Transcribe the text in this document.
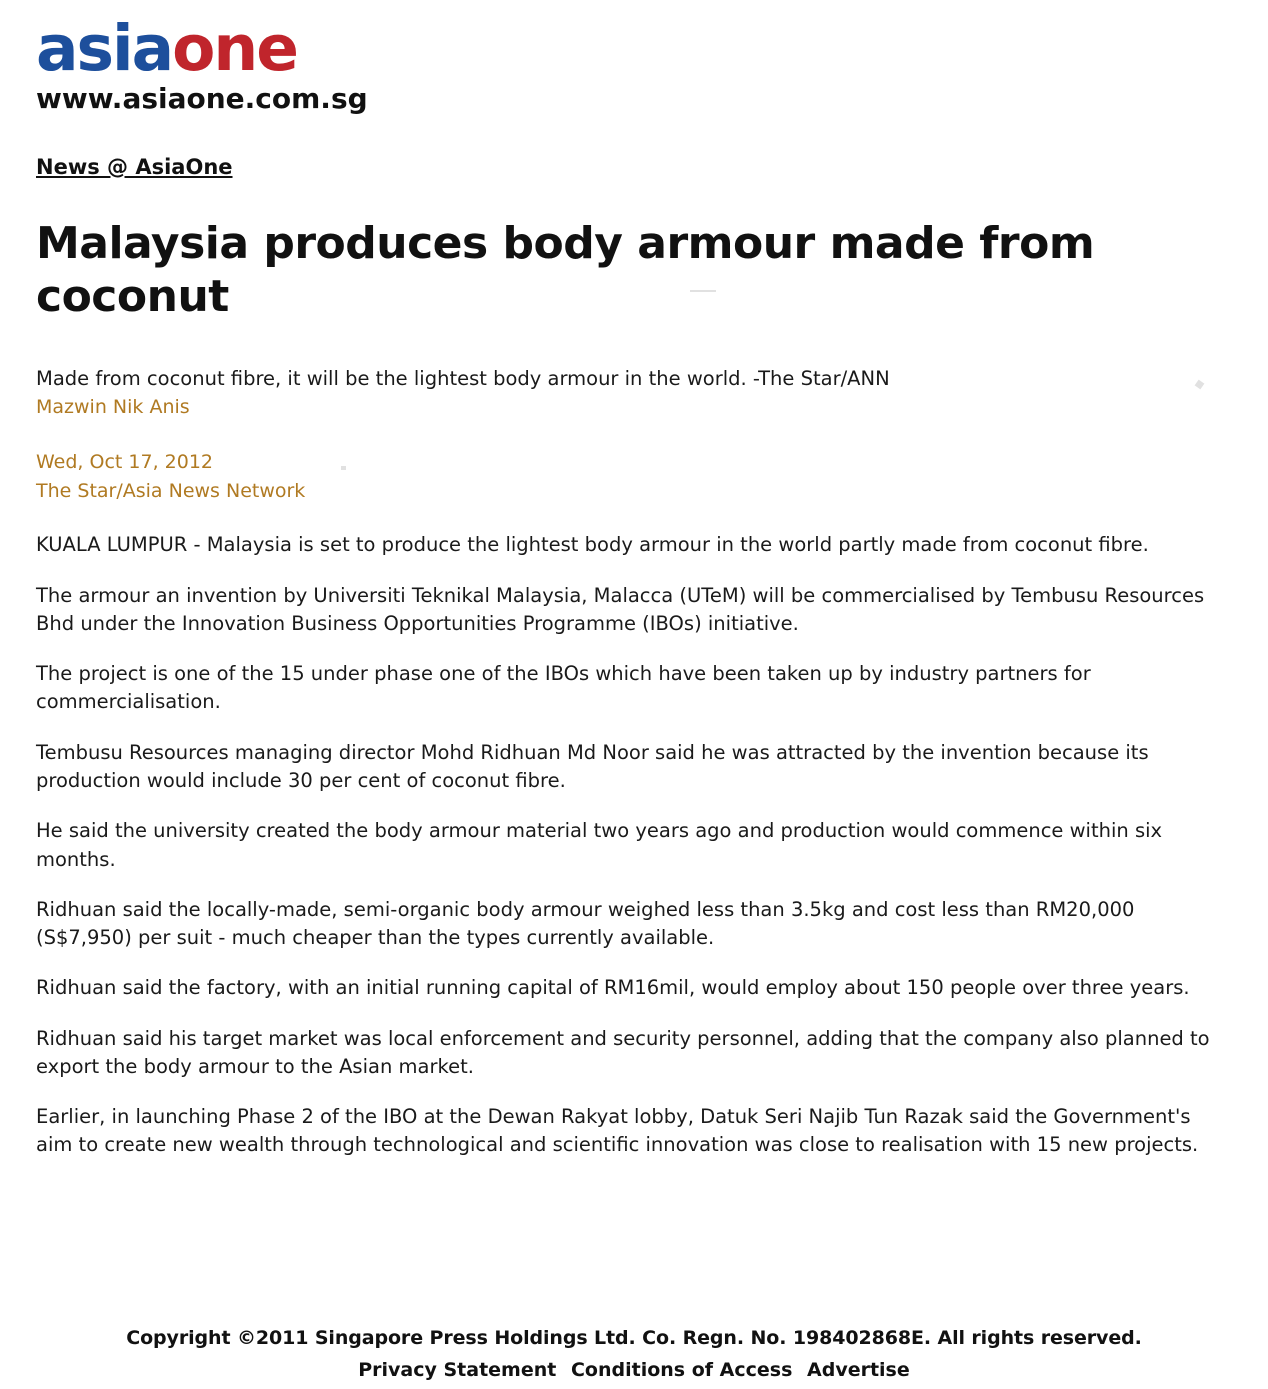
asiaone
www.asiaone.com.sg
News @ AsiaOne
Malaysia produces body armour made from coconut
Made from coconut fibre, it will be the lightest body armour in the world. -The Star/ANN
Mazwin Nik Anis
Wed, Oct 17, 2012
The Star/Asia News Network

KUALA LUMPUR - Malaysia is set to produce the lightest body armour in the world partly made from coconut fibre.

The armour an invention by Universiti Teknikal Malaysia, Malacca (UTeM) will be commercialised by Tembusu Resources Bhd under the Innovation Business Opportunities Programme (IBOs) initiative.

The project is one of the 15 under phase one of the IBOs which have been taken up by industry partners for commercialisation.

Tembusu Resources managing director Mohd Ridhuan Md Noor said he was attracted by the invention because its production would include 30 per cent of coconut fibre.

He said the university created the body armour material two years ago and production would commence within six months.

Ridhuan said the locally-made, semi-organic body armour weighed less than 3.5kg and cost less than RM20,000 (S$7,950) per suit - much cheaper than the types currently available.

Ridhuan said the factory, with an initial running capital of RM16mil, would employ about 150 people over three years.

Ridhuan said his target market was local enforcement and security personnel, adding that the company also planned to export the body armour to the Asian market.

Earlier, in launching Phase 2 of the IBO at the Dewan Rakyat lobby, Datuk Seri Najib Tun Razak said the Government's aim to create new wealth through technological and scientific innovation was close to realisation with 15 new projects.

Copyright ©2011 Singapore Press Holdings Ltd. Co. Regn. No. 198402868E. All rights reserved.
Privacy Statement Conditions of Access Advertise
